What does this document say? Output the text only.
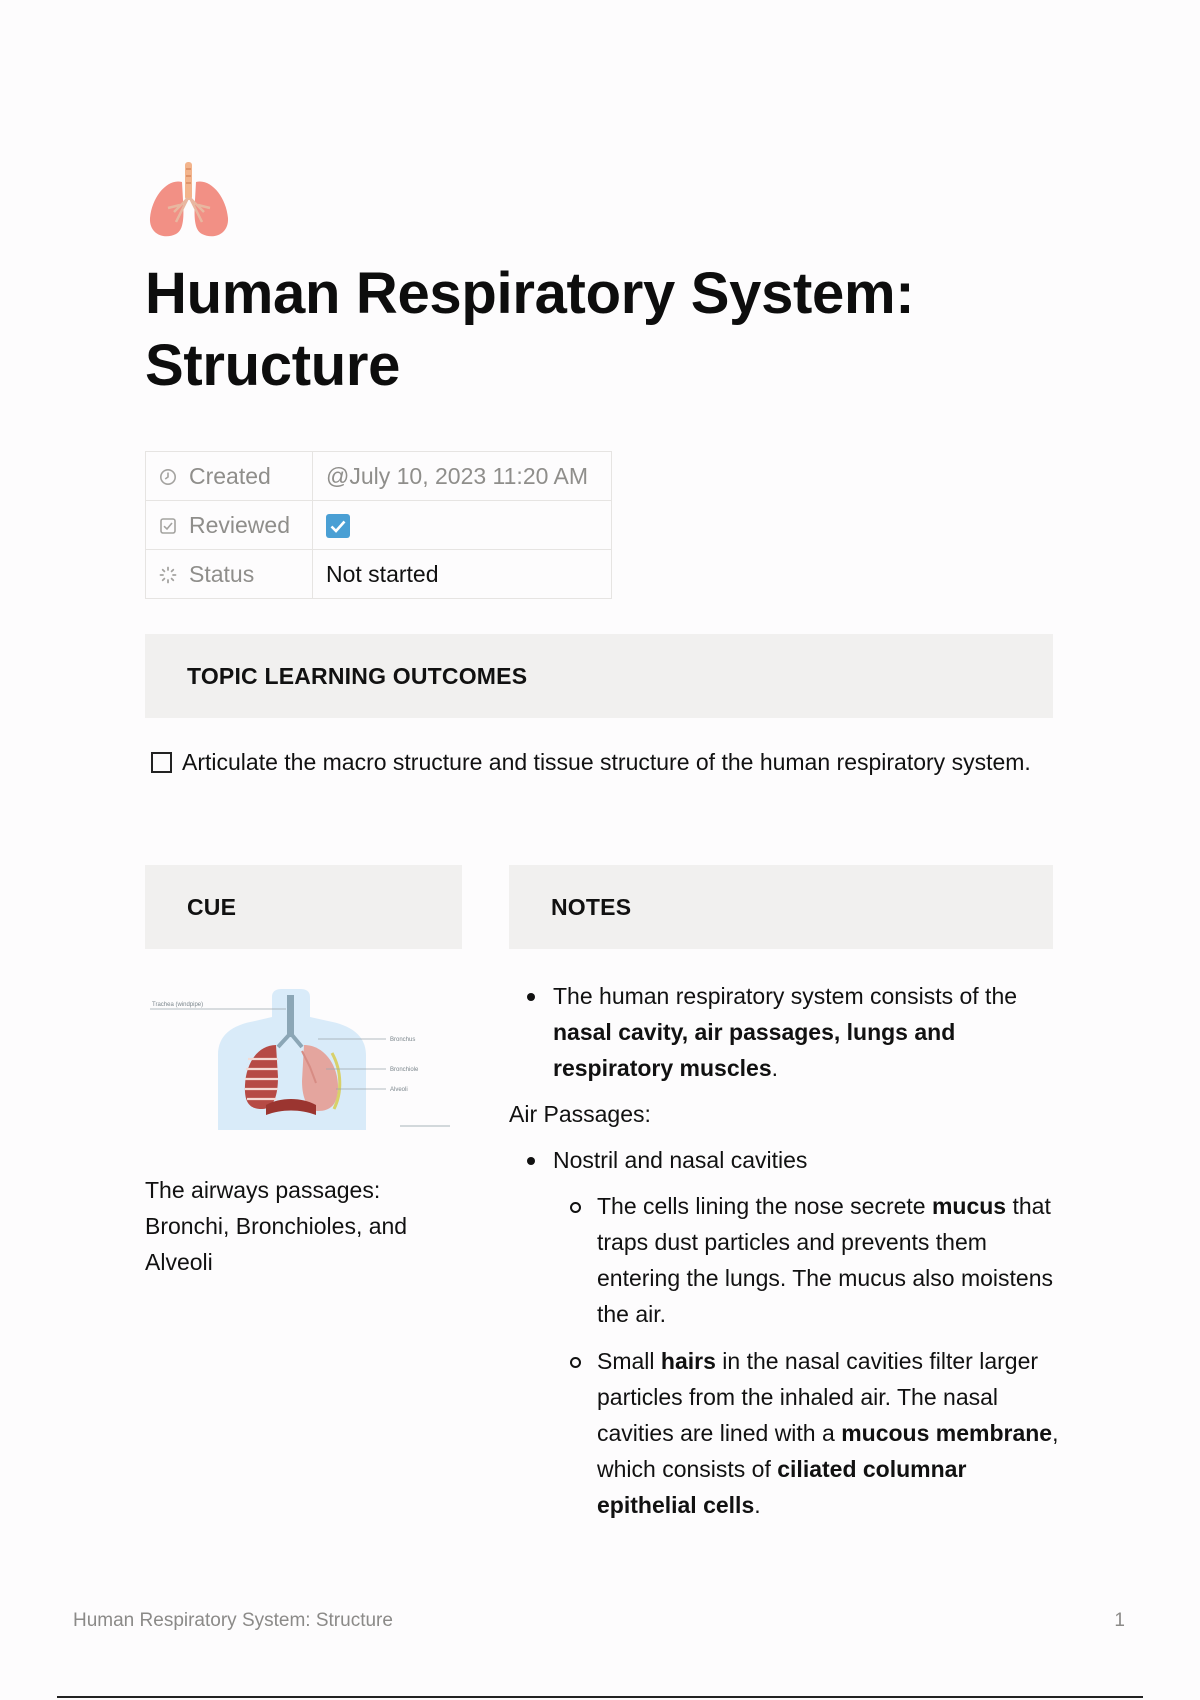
Human Respiratory System:
Structure
Created	@July 10, 2023 11:20 AM
Reviewed	
Status	Not started
TOPIC LEARNING OUTCOMES

Articulate the macro structure and tissue structure of the human respiratory system.

CUE	NOTES
Trachea (windpipe)
Bronchus
Bronchiole
Alveoli

The airways passages: Bronchi, Bronchioles, and Alveoli

The human respiratory system consists of the nasal cavity, air passages, lungs and respiratory muscles.

Air Passages:

Nostril and nasal cavities
The cells lining the nose secrete mucus that traps dust particles and prevents them entering the lungs. The mucus also moistens the air.
Small hairs in the nasal cavities filter larger particles from the inhaled air. The nasal cavities are lined with a mucous membrane, which consists of ciliated columnar epithelial cells.
Human Respiratory System: Structure	1
